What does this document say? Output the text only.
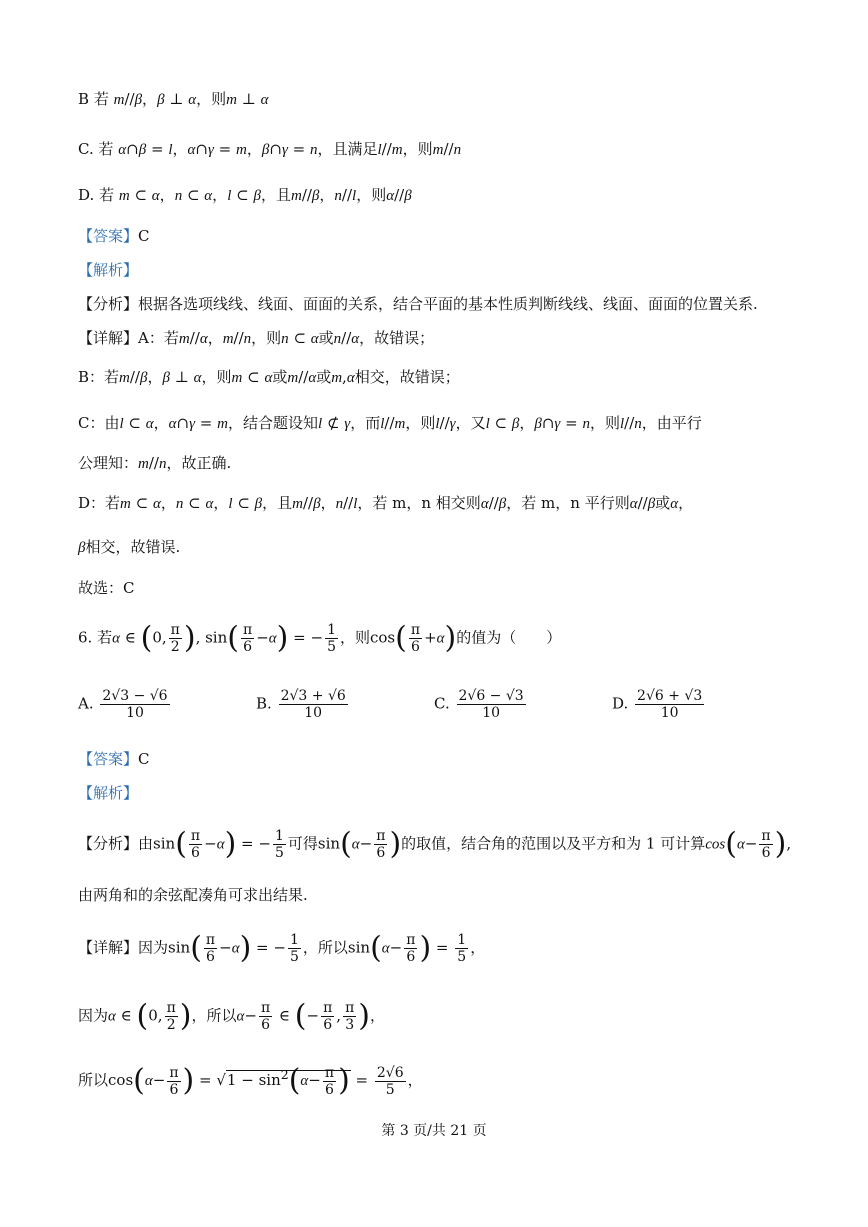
B 若 m//β，β ⊥ α，则m ⊥ α
C. 若 α∩β = l，α∩γ = m，β∩γ = n，且满足l//m，则m//n
D. 若 m ⊂ α，n ⊂ α，l ⊂ β，且m//β，n//l，则α//β
【答案】C
【解析】
【分析】根据各选项线线、线面、面面的关系，结合平面的基本性质判断线线、线面、面面的位置关系.
【详解】A：若m//α，m//n，则n ⊂ α或n//α，故错误；
B：若m//β，β ⊥ α，则m ⊂ α或m//α或m,α相交，故错误；
C：由l ⊂ α，α∩γ = m，结合题设知l ⊄ γ，而l//m，则l//γ，又l ⊂ β，β∩γ = n，则l//n，由平行
公理知：m//n，故正确.
D：若m ⊂ α，n ⊂ α，l ⊂ β，且m//β，n//l，若 m，n 相交则α//β，若 m，n 平行则α//β或α，
β相交，故错误.
故选：C
6. 若α ∈ (0, $\frac{\pi}{2}$ ), $\sin( \frac{\pi}{6} -\alpha)$ = − $\frac{1}{5}$ ，则$\cos( \frac{\pi}{6} +\alpha)$的值为（　　）
A. $\frac{2√3 - √6}{10}$	B. $\frac{2√3 + √6}{10}$	C. $\frac{2√6 - √3}{10}$	D. $\frac{2√6 + √3}{10}$
【答案】C
【解析】
【分析】由$\sin( \frac{\pi}{6} -\alpha)$ = − $\frac{1}{5}$ 可得$\sin(\alpha- \frac{\pi}{6}$ )的取值，结合角的范围以及平方和为 1 可计算$\cos(\alpha- \frac{\pi}{6}$ ),
由两角和的余弦配凑角可求出结果.
【详解】因为$\sin( \frac{\pi}{6} -\alpha)$ = − $\frac{1}{5}$ ，所以$\sin(\alpha- \frac{\pi}{6}$ ) = $\frac{1}{5}$ ，
因为α ∈ (0, $\frac{\pi}{2}$ )，所以$\alpha- \frac{\pi}{6}$ ∈ (− $\frac{\pi}{6}$ , $\frac{\pi}{3}$ )，
所以$\cos(\alpha- \frac{\pi}{6}$ ) = $√1 - \sin^2(\alpha- \frac{\pi}{6}$ ) = $\frac{2√6}{5}$ ，
第 3 页/共 21 页
